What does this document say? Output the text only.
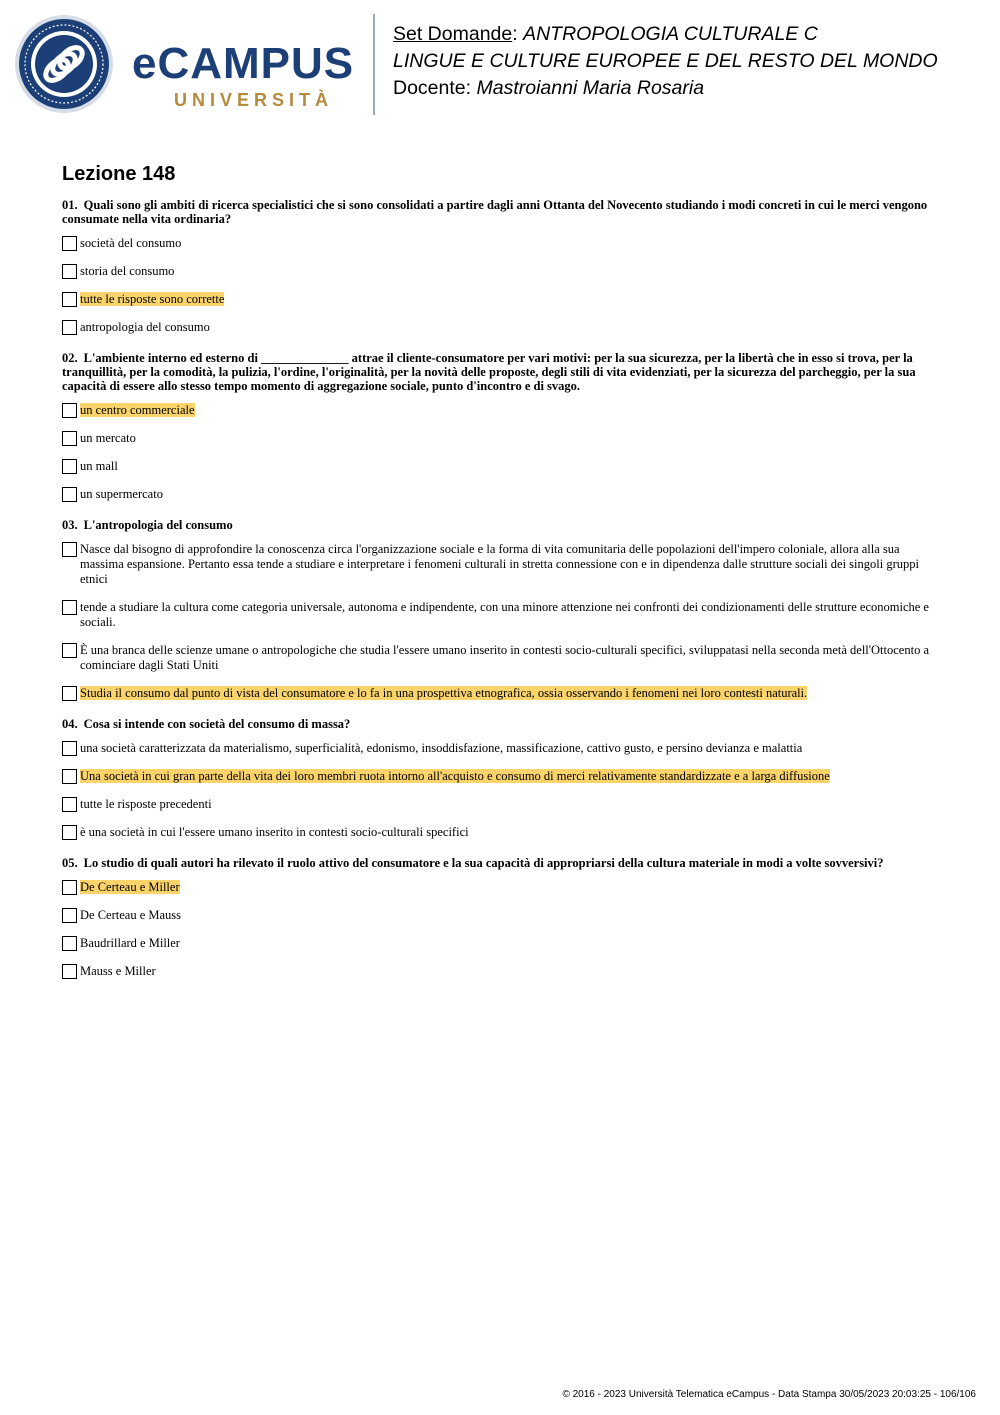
eCAMPUS
UNIVERSITÀ
Set Domande: ANTROPOLOGIA CULTURALE C
LINGUE E CULTURE EUROPEE E DEL RESTO DEL MONDO
Docente: Mastroianni Maria Rosaria
Lezione 148
01. Quali sono gli ambiti di ricerca specialistici che si sono consolidati a partire dagli anni Ottanta del Novecento studiando i modi concreti in cui le merci vengono consumate nella vita ordinaria?
società del consumo
storia del consumo
tutte le risposte sono corrette
antropologia del consumo
02. L'ambiente interno ed esterno di ______________ attrae il cliente-consumatore per vari motivi: per la sua sicurezza, per la libertà che in esso si trova, per la tranquillità, per la comodità, la pulizia, l'ordine, l'originalità, per la novità delle proposte, degli stili di vita evidenziati, per la sicurezza del parcheggio, per la sua capacità di essere allo stesso tempo momento di aggregazione sociale, punto d'incontro e di svago.
un centro commerciale
un mercato
un mall
un supermercato
03. L'antropologia del consumo
Nasce dal bisogno di approfondire la conoscenza circa l'organizzazione sociale e la forma di vita comunitaria delle popolazioni dell'impero coloniale, allora alla sua massima espansione. Pertanto essa tende a studiare e interpretare i fenomeni culturali in stretta connessione con e in dipendenza dalle strutture sociali dei singoli gruppi etnici
tende a studiare la cultura come categoria universale, autonoma e indipendente, con una minore attenzione nei confronti dei condizionamenti delle strutture economiche e sociali.
È una branca delle scienze umane o antropologiche che studia l'essere umano inserito in contesti socio-culturali specifici, sviluppatasi nella seconda metà dell'Ottocento a cominciare dagli Stati Uniti
Studia il consumo dal punto di vista del consumatore e lo fa in una prospettiva etnografica, ossia osservando i fenomeni nei loro contesti naturali.
04. Cosa si intende con società del consumo di massa?
una società caratterizzata da materialismo, superficialità, edonismo, insoddisfazione, massificazione, cattivo gusto, e persino devianza e malattia
Una società in cui gran parte della vita dei loro membri ruota intorno all'acquisto e consumo di merci relativamente standardizzate e a larga diffusione
tutte le risposte precedenti
è una società in cui l'essere umano inserito in contesti socio-culturali specifici
05. Lo studio di quali autori ha rilevato il ruolo attivo del consumatore e la sua capacità di appropriarsi della cultura materiale in modi a volte sovversivi?
De Certeau e Miller
De Certeau e Mauss
Baudrillard e Miller
Mauss e Miller
© 2016 - 2023 Università Telematica eCampus - Data Stampa 30/05/2023 20:03:25 - 106/106
